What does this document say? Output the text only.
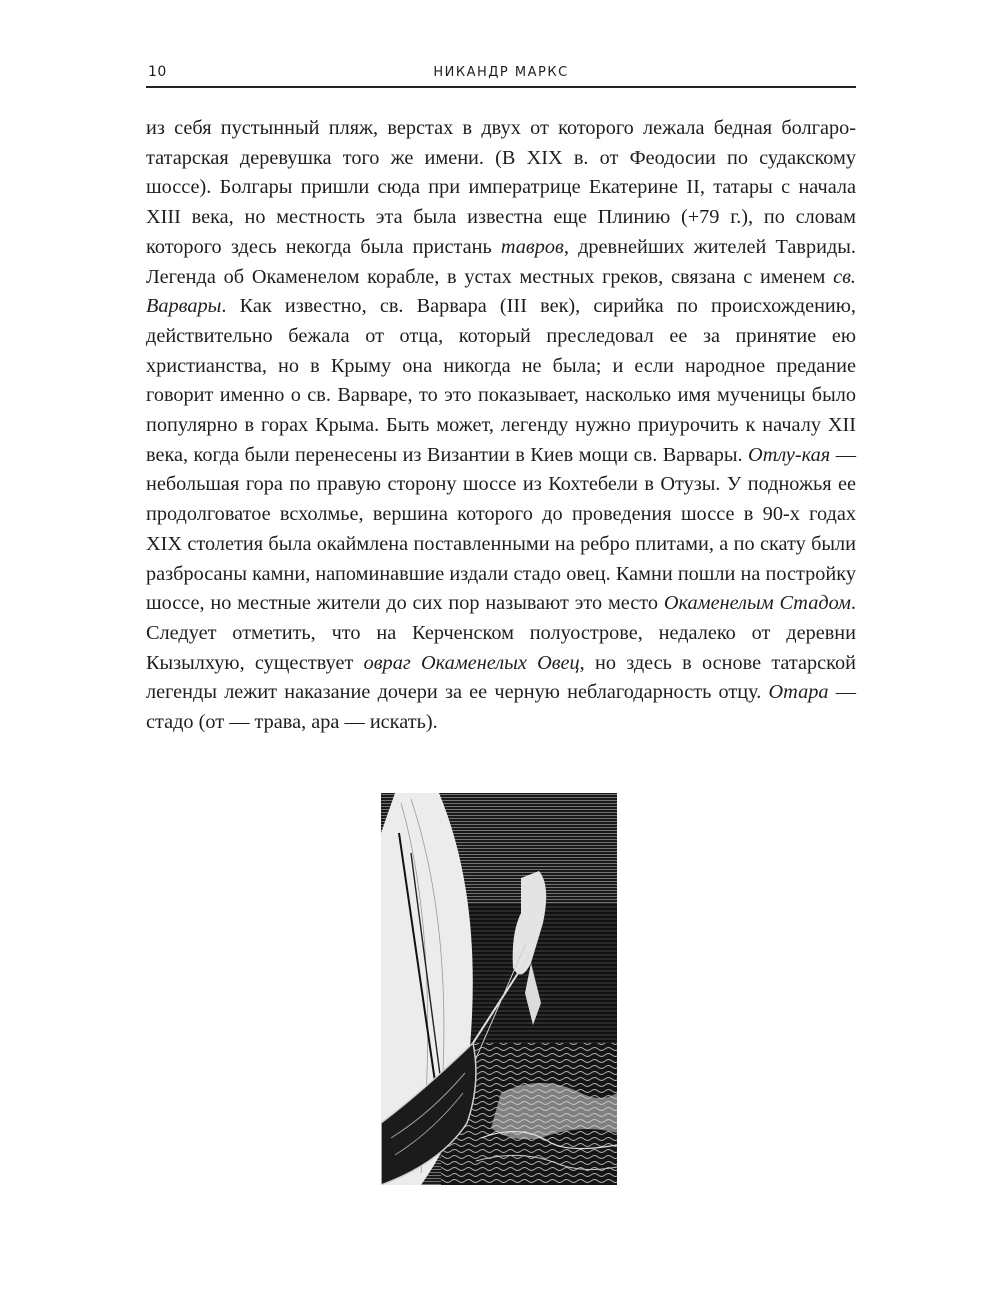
10	НИКАНДР МАРКС

из себя пустынный пляж, верстах в двух от которого лежала бедная болгаро-татарская деревушка того же имени. (В XIX в. от Феодосии по судакскому шоссе). Болгары пришли сюда при императрице Екатерине II, татары с начала XIII века, но местность эта была известна еще Плинию (+79 г.), по словам которого здесь некогда была пристань тавров, древнейших жителей Тавриды. Легенда об Окаменелом корабле, в устах местных греков, связана с именем св. Варвары. Как известно, св. Варвара (III век), сирийка по происхождению, действительно бежала от отца, который преследовал ее за принятие ею христианства, но в Крыму она никогда не была; и если народное предание говорит именно о св. Варваре, то это показывает, насколько имя мученицы было популярно в горах Крыма. Быть может, легенду нужно приурочить к началу XII века, когда были перенесены из Византии в Киев мощи св. Варвары. Отлу-кая — небольшая гора по правую сторону шоссе из Кохтебели в Отузы. У подножья ее продолговатое всхолмье, вершина которого до проведения шоссе в 90-х годах XIX столетия была окаймлена поставленными на ребро плитами, а по скату были разбросаны камни, напоминавшие издали стадо овец. Камни пошли на постройку шоссе, но местные жители до сих пор называют это место Окаменелым Стадом. Следует отметить, что на Керченском полуострове, недалеко от деревни Кызылхую, существует овраг Окаменелых Овец, но здесь в основе татарской легенды лежит наказание дочери за ее черную неблагодарность отцу. Отара — стадо (от — трава, ара — искать).
